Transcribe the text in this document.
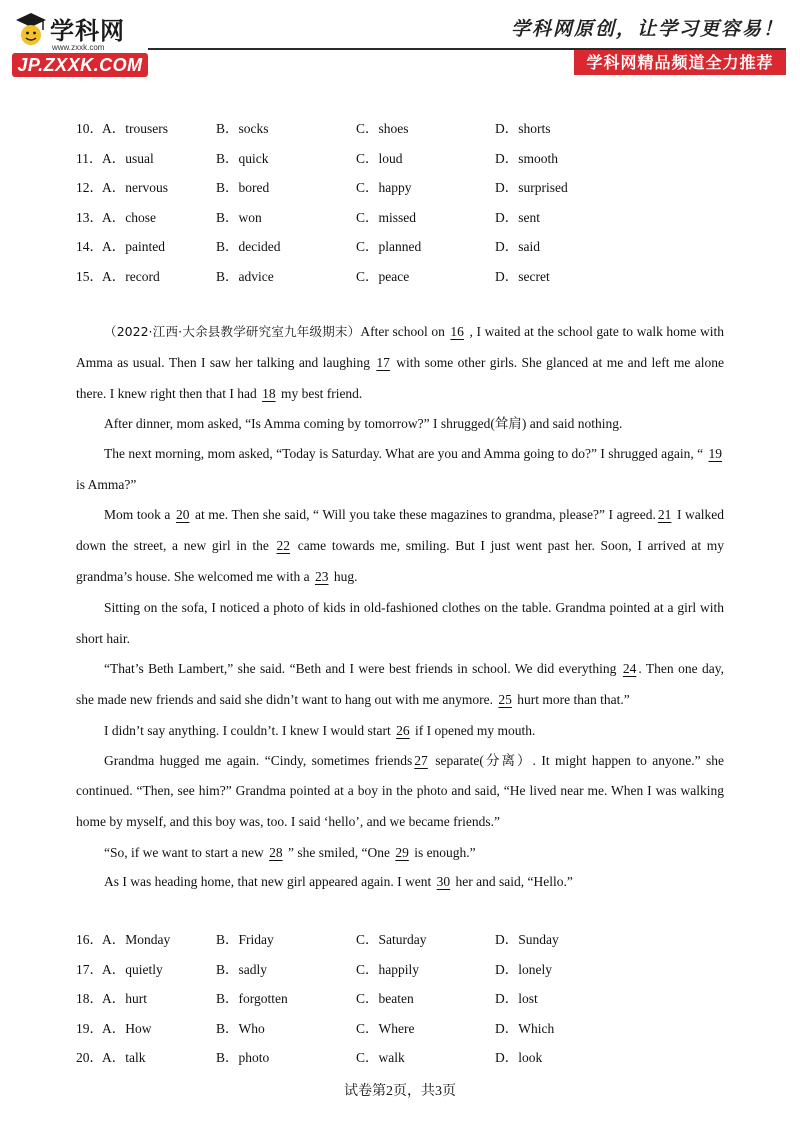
学科网
www.zxxk.com
JP.ZXXK.COM
学科网原创，让学习更容易！
学科网精品频道全力推荐
10． A．trousers	B．socks	C．shoes	D．shorts
11． A．usual	B．quick	C．loud	D．smooth
12． A．nervous	B．bored	C．happy	D．surprised
13． A．chose	B．won	C．missed	D．sent
14． A．painted	B．decided	C．planned	D．said
15． A．record	B．advice	C．peace	D．secret

（2022·江西·大余县教学研究室九年级期末）After school on 16 , I waited at the school gate to walk home with Amma as usual. Then I saw her talking and laughing 17 with some other girls. She glanced at me and left me alone there. I knew right then that I had 18 my best friend.

After dinner, mom asked, “Is Amma coming by tomorrow?” I shrugged(耸肩) and said nothing.

The next morning, mom asked, “Today is Saturday. What are you and Amma going to do?” I shrugged again, “ 19 is Amma?”

Mom took a 20 at me. Then she said, “ Will you take these magazines to grandma, please?” I agreed. 21 I walked down the street, a new girl in the 22 came towards me, smiling. But I just went past her. Soon, I arrived at my grandma’s house. She welcomed me with a 23 hug.

Sitting on the sofa, I noticed a photo of kids in old-fashioned clothes on the table. Grandma pointed at a girl with short hair.

“That’s Beth Lambert,” she said. “Beth and I were best friends in school. We did everything 24 . Then one day, she made new friends and said she didn’t want to hang out with me anymore. 25 hurt more than that.”

I didn’t say anything. I couldn’t. I knew I would start 26 if I opened my mouth.

Grandma hugged me again. “Cindy, sometimes friends 27 separate(分离）. It might happen to anyone.” she continued. “Then, see him?” Grandma pointed at a boy in the photo and said, “He lived near me. When I was walking home by myself, and this boy was, too. I said ‘hello’, and we became friends.”

“So, if we want to start a new 28 ” she smiled, “One 29 is enough.”

As I was heading home, that new girl appeared again. I went 30 her and said, “Hello.”

16． A．Monday	B．Friday	C．Saturday	D．Sunday
17． A．quietly	B．sadly	C．happily	D．lonely
18． A．hurt	B．forgotten	C．beaten	D．lost
19． A．How	B．Who	C．Where	D．Which
20． A．talk	B．photo	C．walk	D．look
试卷第2页，共3页
